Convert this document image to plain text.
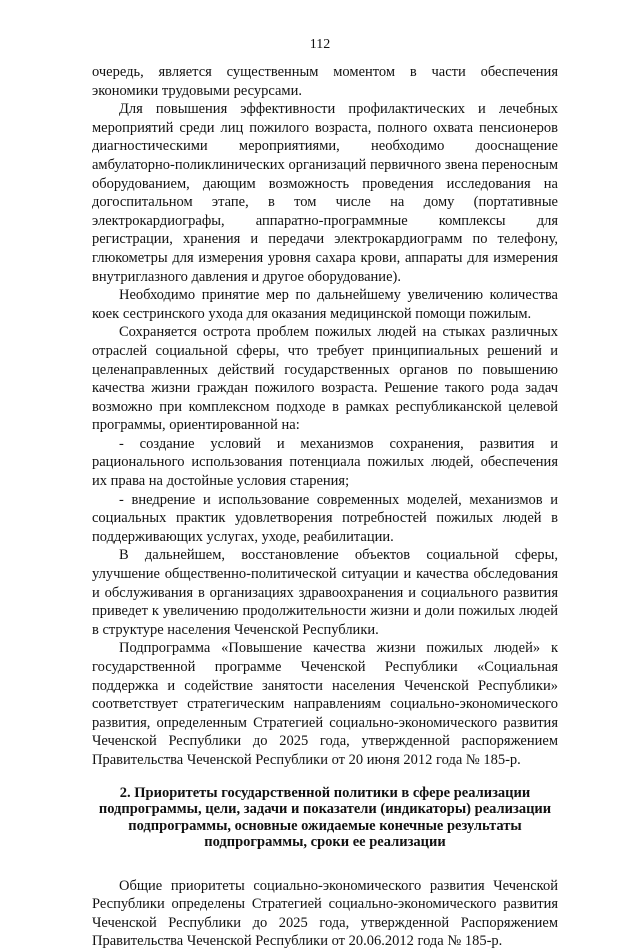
112

очередь, является существенным моментом в части обеспечения экономики трудовыми ресурсами.

Для повышения эффективности профилактических и лечебных мероприятий среди лиц пожилого возраста, полного охвата пенсионеров диагностическими мероприятиями, необходимо дооснащение амбулаторно-поликлинических организаций первичного звена переносным оборудованием, дающим возможность проведения исследования на догоспитальном этапе, в том числе на дому (портативные электрокардиографы, аппаратно-программные комплексы для регистрации, хранения и передачи электрокардиограмм по телефону, глюкометры для измерения уровня сахара крови, аппараты для измерения внутриглазного давления и другое оборудование).

Необходимо принятие мер по дальнейшему увеличению количества коек сестринского ухода для оказания медицинской помощи пожилым.

Сохраняется острота проблем пожилых людей на стыках различных отраслей социальной сферы, что требует принципиальных решений и целенаправленных действий государственных органов по повышению качества жизни граждан пожилого возраста. Решение такого рода задач возможно при комплексном подходе в рамках республиканской целевой программы, ориентированной на:

- создание условий и механизмов сохранения, развития и рационального использования потенциала пожилых людей, обеспечения их права на достойные условия старения;

- внедрение и использование современных моделей, механизмов и социальных практик удовлетворения потребностей пожилых людей в поддерживающих услугах, уходе, реабилитации.

В дальнейшем, восстановление объектов социальной сферы, улучшение общественно-политической ситуации и качества обследования и обслуживания в организациях здравоохранения и социального развития приведет к увеличению продолжительности жизни и доли пожилых людей в структуре населения Чеченской Республики.

Подпрограмма «Повышение качества жизни пожилых людей» к государственной программе Чеченской Республики «Социальная поддержка и содействие занятости населения Чеченской Республики» соответствует стратегическим направлениям социально-экономического развития, определенным Стратегией социально-экономического развития Чеченской Республики до 2025 года, утвержденной распоряжением Правительства Чеченской Республики от 20 июня 2012 года № 185-р.

2. Приоритеты государственной политики в сфере реализации подпрограммы, цели, задачи и показатели (индикаторы) реализации подпрограммы, основные ожидаемые конечные результаты подпрограммы, сроки ее реализации

Общие приоритеты социально-экономического развития Чеченской Республики определены Стратегией социально-экономического развития Чеченской Республики до 2025 года, утвержденной Распоряжением Правительства Чеченской Республики от 20.06.2012 года № 185-р.
